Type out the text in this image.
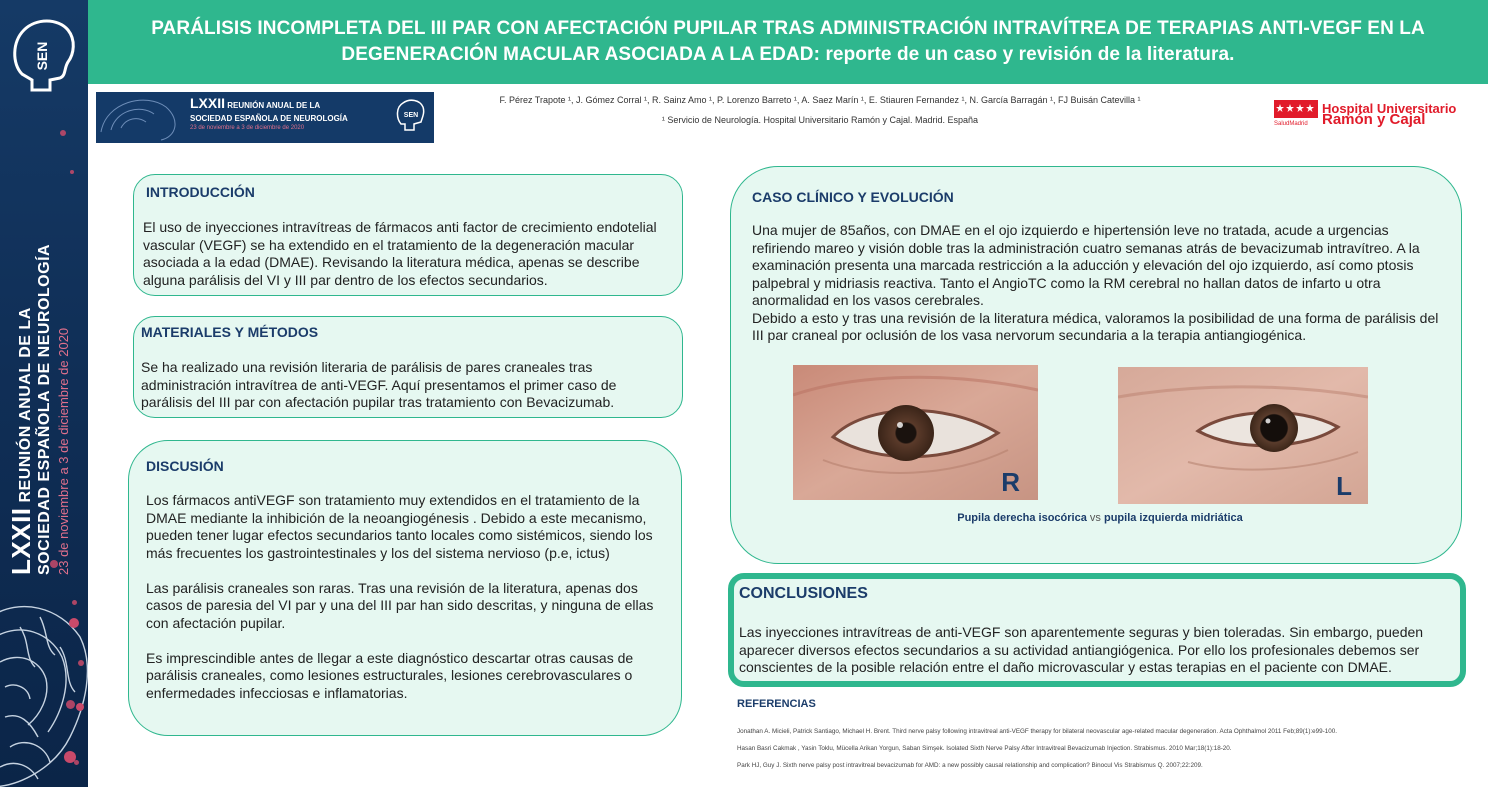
SEN
LXXII REUNIÓN ANUAL DE LA SOCIEDAD ESPAÑOLA DE NEUROLOGÍA 23 de noviembre a 3 de diciembre de 2020
PARÁLISIS INCOMPLETA DEL III PAR CON AFECTACIÓN PUPILAR TRAS ADMINISTRACIÓN INTRAVÍTREA DE TERAPIAS ANTI-VEGF EN LA DEGENERACIÓN MACULAR ASOCIADA A LA EDAD: reporte de un caso y revisión de la literatura.
LXXII REUNIÓN ANUAL DE LA
SOCIEDAD ESPAÑOLA DE NEUROLOGÍA
23 de noviembre a 3 de diciembre de 2020
SEN
F. Pérez Trapote ¹, J. Gómez Corral ¹, R. Sainz Amo ¹, P. Lorenzo Barreto ¹, A. Saez Marín ¹, E. Stiauren Fernandez ¹, N. García Barragán ¹, FJ Buisán Catevilla ¹
¹ Servicio de Neurología. Hospital Universitario Ramón y Cajal. Madrid. España	SaludMadrid
Hospital Universitario
Ramón y Cajal
INTRODUCCIÓN

El uso de inyecciones intravítreas de fármacos anti factor de crecimiento endotelial vascular (VEGF) se ha extendido en el tratamiento de la degeneración macular asociada a la edad (DMAE). Revisando la literatura médica, apenas se describe alguna parálisis del VI y III par dentro de los efectos secundarios.

MATERIALES Y MÉTODOS

Se ha realizado una revisión literaria de parálisis de pares craneales tras administración intravítrea de anti-VEGF. Aquí presentamos el primer caso de parálisis del III par con afectación pupilar tras tratamiento con Bevacizumab.

DISCUSIÓN

Los fármacos antiVEGF son tratamiento muy extendidos en el tratamiento de la DMAE mediante la inhibición de la neoangiogénesis . Debido a este mecanismo, pueden tener lugar efectos secundarios tanto locales como sistémicos, siendo los más frecuentes los gastrointestinales y los del sistema nervioso (p.e, ictus)

Las parálisis craneales son raras. Tras una revisión de la literatura, apenas dos casos de paresia del VI par y una del III par han sido descritas, y ninguna de ellas con afectación pupilar.

Es imprescindible antes de llegar a este diagnóstico descartar otras causas de parálisis craneales, como lesiones estructurales, lesiones cerebrovasculares o enfermedades infecciosas e inflamatorias.

CASO CLÍNICO Y EVOLUCIÓN

Una mujer de 85años, con DMAE en el ojo izquierdo e hipertensión leve no tratada, acude a urgencias refiriendo mareo y visión doble tras la administración cuatro semanas atrás de bevacizumab intravítreo. A la examinación presenta una marcada restricción a la aducción y elevación del ojo izquierdo, así como ptosis palpebral y midriasis reactiva. Tanto el AngioTC como la RM cerebral no hallan datos de infarto u otra anormalidad en los vasos cerebrales.
Debido a esto y tras una revisión de la literatura médica, valoramos la posibilidad de una forma de parálisis del III par craneal por oclusión de los vasa nervorum secundaria a la terapia antiangiogénica.

R	L
Pupila derecha isocórica vs pupila izquierda midriática
CONCLUSIONES

Las inyecciones intravítreas de anti-VEGF son aparentemente seguras y bien toleradas. Sin embargo, pueden aparecer diversos efectos secundarios a su actividad antiangiógenica. Por ello los profesionales debemos ser conscientes de la posible relación entre el daño microvascular y estas terapias en el paciente con DMAE.

REFERENCIAS
Jonathan A. Micieli, Patrick Santiago, Michael H. Brent. Third nerve palsy following intravitreal anti-VEGF therapy for bilateral neovascular age-related macular degeneration. Acta Ophthalmol 2011 Feb;89(1):e99-100.
Hasan Basri Cakmak , Yasin Toklu, Mücella Arikan Yorgun, Saban Simşek. Isolated Sixth Nerve Palsy After Intravitreal Bevacizumab Injection. Strabismus. 2010 Mar;18(1):18-20.
Park HJ, Guy J. Sixth nerve palsy post intravitreal bevacizumab for AMD: a new possibly causal relationship and complication? Binocul Vis Strabismus Q. 2007;22:209.
